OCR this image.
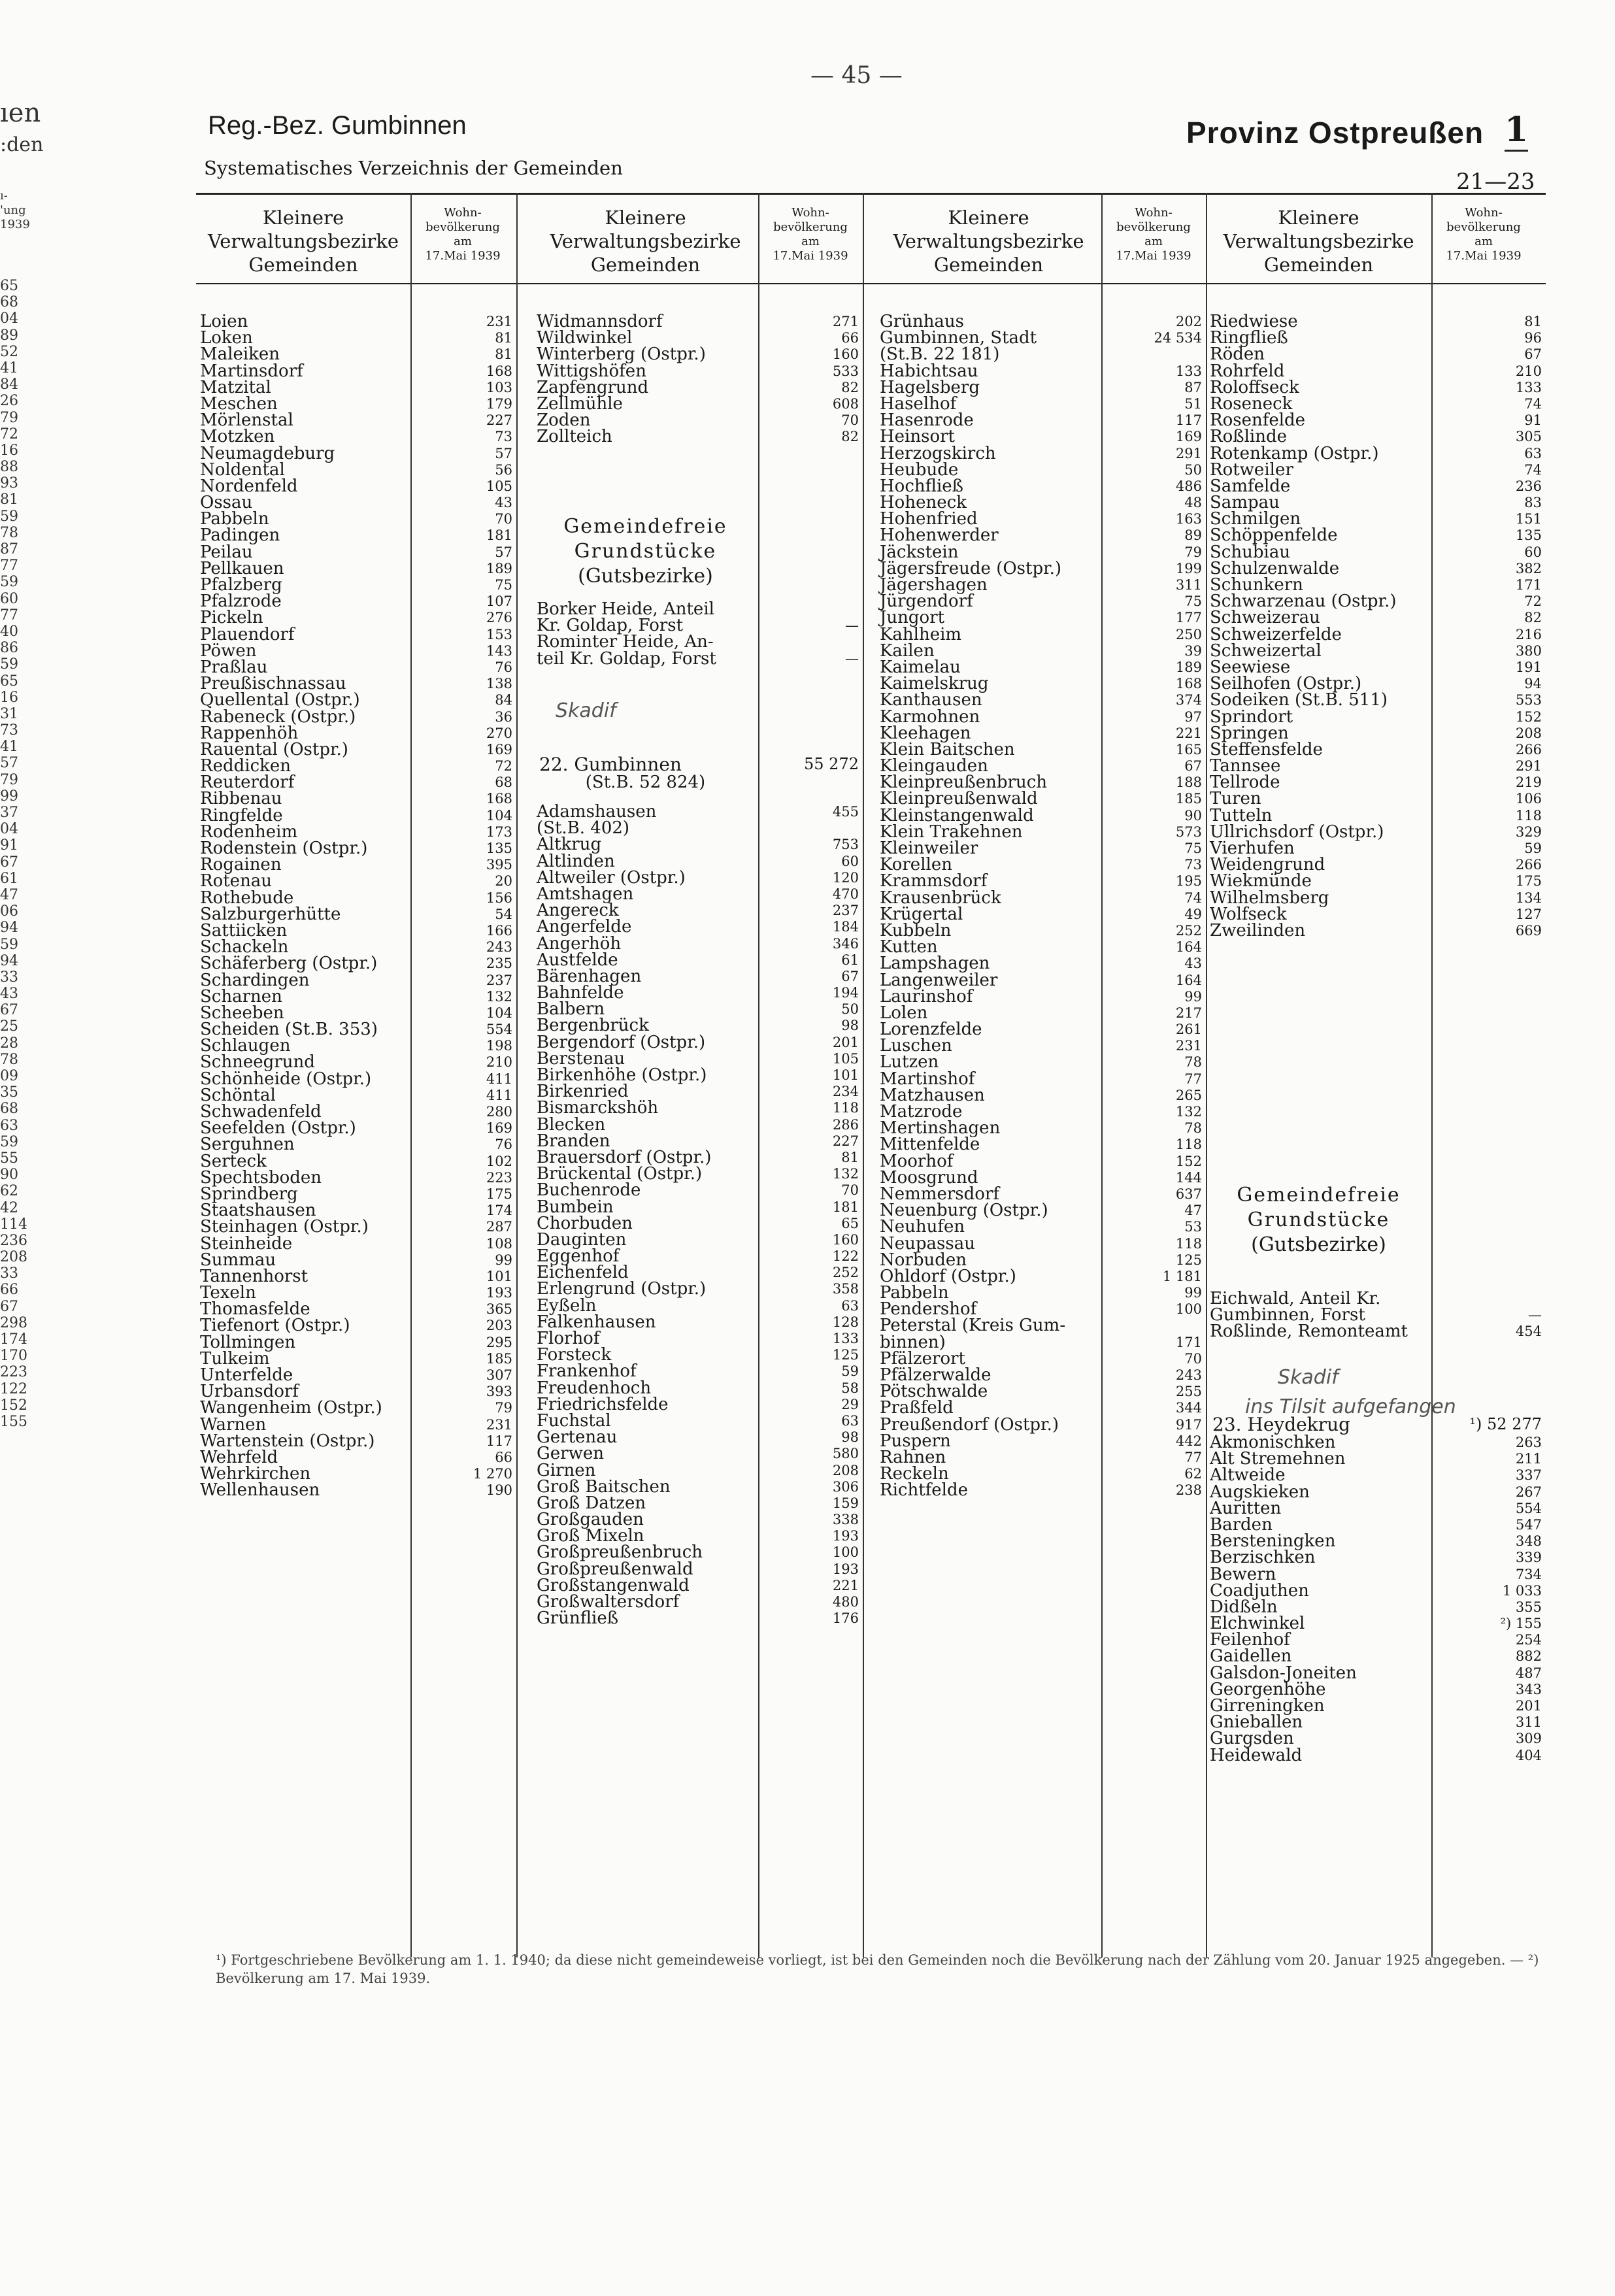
— 45 —
ıen
:den
ı-
'ung
1939
65
68
04
89
52
41
84
26
79
72
16
88
93
81
59
78
87
77
59
60
77
40
86
59
65
16
31
73
41
57
79
99
37
04
91
67
61
47
06
94
59
94
33
43
67
25
28
78
09
35
68
63
59
55
90
62
42
114
236
208
33
66
67
298
174
170
223
122
152
155
Reg.-Bez. Gumbinnen
Systematisches Verzeichnis der Gemeinden
Provinz Ostpreußen 1
21—23
Kleinere
Verwaltungsbezirke
Gemeinden
Wohn-
bevölkerung
am
17.Mai 1939
Loien	231
Loken	81
Maleiken	81
Martinsdorf	168
Matzital	103
Meschen	179
Mörlenstal	227
Motzken	73
Neumagdeburg	57
Noldental	56
Nordenfeld	105
Ossau	43
Pabbeln	70
Padingen	181
Peilau	57
Pellkauen	189
Pfalzberg	75
Pfalzrode	107
Pickeln	276
Plauendorf	153
Pöwen	143
Praßlau	76
Preußischnassau	138
Quellental (Ostpr.)	84
Rabeneck (Ostpr.)	36
Rappenhöh	270
Rauental (Ostpr.)	169
Reddicken	72
Reuterdorf	68
Ribbenau	168
Ringfelde	104
Rodenheim	173
Rodenstein (Ostpr.)	135
Rogainen	395
Rotenau	20
Rothebude	156
Salzburgerhütte	54
Sattiicken	166
Schackeln	243
Schäferberg (Ostpr.)	235
Schardingen	237
Scharnen	132
Scheeben	104
Scheiden (St.B. 353)	554
Schlaugen	198
Schneegrund	210
Schönheide (Ostpr.)	411
Schöntal	411
Schwadenfeld	280
Seefelden (Ostpr.)	169
Serguhnen	76
Serteck	102
Spechtsboden	223
Sprindberg	175
Staatshausen	174
Steinhagen (Ostpr.)	287
Steinheide	108
Summau	99
Tannenhorst	101
Texeln	193
Thomasfelde	365
Tiefenort (Ostpr.)	203
Tollmingen	295
Tulkeim	185
Unterfelde	307
Urbansdorf	393
Wangenheim (Ostpr.)	79
Warnen	231
Wartenstein (Ostpr.)	117
Wehrfeld	66
Wehrkirchen	1 270
Wellenhausen	190
Kleinere
Verwaltungsbezirke
Gemeinden
Wohn-
bevölkerung
am
17.Mai 1939
Widmannsdorf	271
Wildwinkel	66
Winterberg (Ostpr.)	160
Wittigshöfen	533
Zapfengrund	82
Zellmühle	608
Zoden	70
Zollteich	82
Gemeindefreie
Grundstücke
(Gutsbezirke)
Borker Heide, Anteil
Kr. Goldap, Forst	—
Rominter Heide, An-
teil Kr. Goldap, Forst	—
22. Gumbinnen	55 272
(St.B. 52 824)
Adamshausen	455
(St.B. 402)
Altkrug	753
Altlinden	60
Altweiler (Ostpr.)	120
Amtshagen	470
Angereck	237
Angerfelde	184
Angerhöh	346
Austfelde	61
Bärenhagen	67
Bahnfelde	194
Balbern	50
Bergenbrück	98
Bergendorf (Ostpr.)	201
Berstenau	105
Birkenhöhe (Ostpr.)	101
Birkenried	234
Bismarckshöh	118
Blecken	286
Branden	227
Brauersdorf (Ostpr.)	81
Brückental (Ostpr.)	132
Buchenrode	70
Bumbein	181
Chorbuden	65
Dauginten	160
Eggenhof	122
Eichenfeld	252
Erlengrund (Ostpr.)	358
Eyßeln	63
Falkenhausen	128
Florhof	133
Forsteck	125
Frankenhof	59
Freudenhoch	58
Friedrichsfelde	29
Fuchstal	63
Gertenau	98
Gerwen	580
Girnen	208
Groß Baitschen	306
Groß Datzen	159
Großgauden	338
Groß Mixeln	193
Großpreußenbruch	100
Großpreußenwald	193
Großstangenwald	221
Großwaltersdorf	480
Grünfließ	176
Kleinere
Verwaltungsbezirke
Gemeinden
Wohn-
bevölkerung
am
17.Mai 1939
Grünhaus	202
Gumbinnen, Stadt	24 534
(St.B. 22 181)
Habichtsau	133
Hagelsberg	87
Haselhof	51
Hasenrode	117
Heinsort	169
Herzogskirch	291
Heubude	50
Hochfließ	486
Hoheneck	48
Hohenfried	163
Hohenwerder	89
Jäckstein	79
Jägersfreude (Ostpr.)	199
Jägershagen	311
Jürgendorf	75
Jungort	177
Kahlheim	250
Kailen	39
Kaimelau	189
Kaimelskrug	168
Kanthausen	374
Karmohnen	97
Kleehagen	221
Klein Baitschen	165
Kleingauden	67
Kleinpreußenbruch	188
Kleinpreußenwald	185
Kleinstangenwald	90
Klein Trakehnen	573
Kleinweiler	75
Korellen	73
Krammsdorf	195
Krausenbrück	74
Krügertal	49
Kubbeln	252
Kutten	164
Lampshagen	43
Langenweiler	164
Laurinshof	99
Lolen	217
Lorenzfelde	261
Luschen	231
Lutzen	78
Martinshof	77
Matzhausen	265
Matzrode	132
Mertinshagen	78
Mittenfelde	118
Moorhof	152
Moosgrund	144
Nemmersdorf	637
Neuenburg (Ostpr.)	47
Neuhufen	53
Neupassau	118
Norbuden	125
Ohldorf (Ostpr.)	1 181
Pabbeln	99
Pendershof	100
Peterstal (Kreis Gum-
binnen)	171
Pfälzerort	70
Pfälzerwalde	243
Pötschwalde	255
Praßfeld	344
Preußendorf (Ostpr.)	917
Puspern	442
Rahnen	77
Reckeln	62
Richtfelde	238
Kleinere
Verwaltungsbezirke
Gemeinden
Wohn-
bevölkerung
am
17.Mai 1939
Riedwiese	81
Ringfließ	96
Röden	67
Rohrfeld	210
Roloffseck	133
Roseneck	74
Rosenfelde	91
Roßlinde	305
Rotenkamp (Ostpr.)	63
Rotweiler	74
Samfelde	236
Sampau	83
Schmilgen	151
Schöppenfelde	135
Schubiau	60
Schulzenwalde	382
Schunkern	171
Schwarzenau (Ostpr.)	72
Schweizerau	82
Schweizerfelde	216
Schweizertal	380
Seewiese	191
Seilhofen (Ostpr.)	94
Sodeiken (St.B. 511)	553
Sprindort	152
Springen	208
Steffensfelde	266
Tannsee	291
Tellrode	219
Turen	106
Tutteln	118
Ullrichsdorf (Ostpr.)	329
Vierhufen	59
Weidengrund	266
Wiekmünde	175
Wilhelmsberg	134
Wolfseck	127
Zweilinden	669
Gemeindefreie
Grundstücke
(Gutsbezirke)
Eichwald, Anteil Kr.
Gumbinnen, Forst	—
Roßlinde, Remonteamt	454
23. Heydekrug	¹) 52 277
Akmonischken	263
Alt Stremehnen	211
Altweide	337
Augskieken	267
Auritten	554
Barden	547
Bersteningken	348
Berzischken	339
Bewern	734
Coadjuthen	1 033
Didßeln	355
Elchwinkel	²) 155
Feilenhof	254
Gaidellen	882
Galsdon-Joneiten	487
Georgenhöhe	343
Girreningken	201
Gnieballen	311
Gurgsden	309
Heidewald	404
Skadif
Skadif
ins Tilsit aufgefangen
¹) Fortgeschriebene Bevölkerung am 1. 1. 1940; da diese nicht gemeindeweise vorliegt, ist bei den Gemeinden noch die Bevölkerung nach der Zählung vom 20. Januar 1925 angegeben. — ²) Bevölkerung am 17. Mai 1939.
